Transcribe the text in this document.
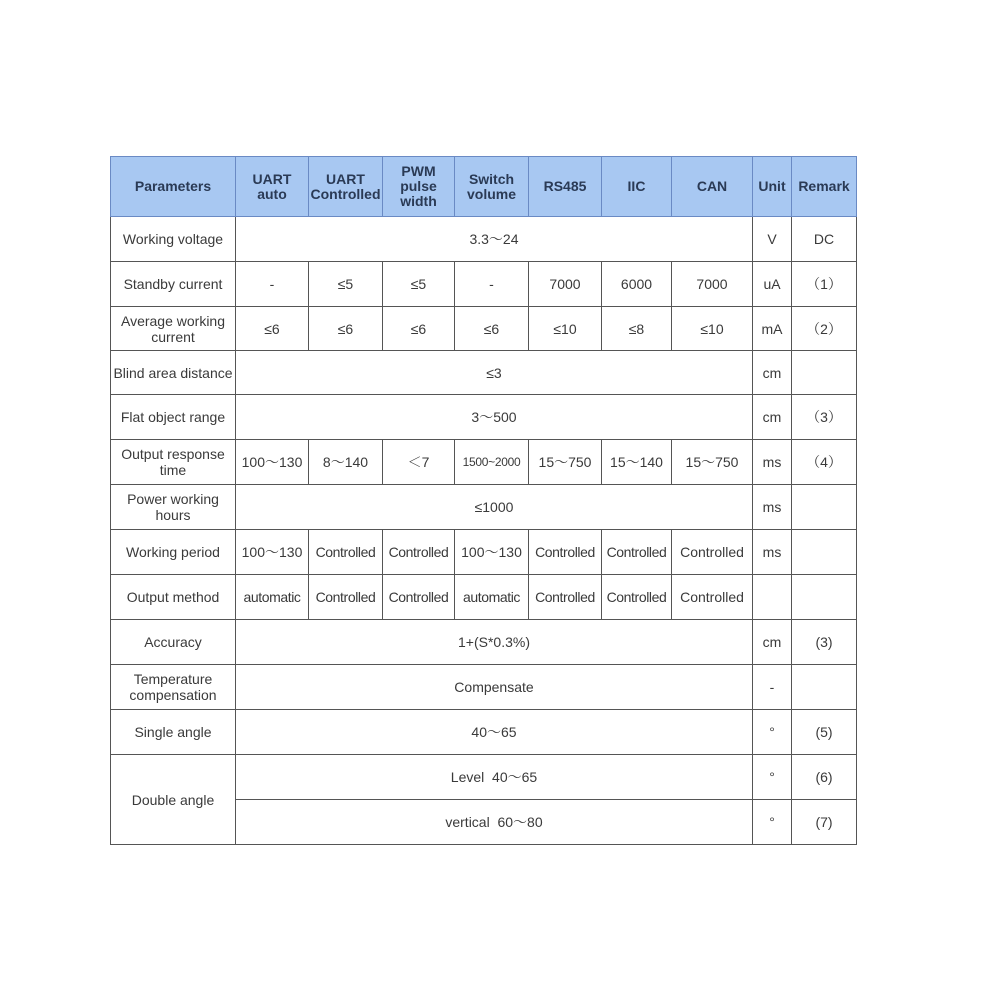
Parameters	UART auto	UART Controlled	PWM pulse width	Switch volume	RS485	IIC	CAN	Unit	Remark
Working voltage	3.3～24							V	DC
Standby current	-	≤5	≤5	-	7000	6000	7000	uA	（1）
Average working current	≤6	≤6	≤6	≤6	≤10	≤8	≤10	mA	（2）
Blind area distance	≤3							cm	
Flat object range	3～500							cm	（3）
Output response time	100～130	8～140	＜7	1500~2000	15～750	15～140	15～750	ms	（4）
Power working hours	≤1000							ms	
Working period	100～130	Controlled	Controlled	100～130	Controlled	Controlled	Controlled	ms	
Output method	automatic	Controlled	Controlled	automatic	Controlled	Controlled	Controlled		
Accuracy	1+(S*0.3%)							cm	(3)
Temperature compensation	Compensate							-	
Single angle	40～65							°	(5)
Double angle	Level  40～65							°	(6)
	vertical  60～80							°	(7)
